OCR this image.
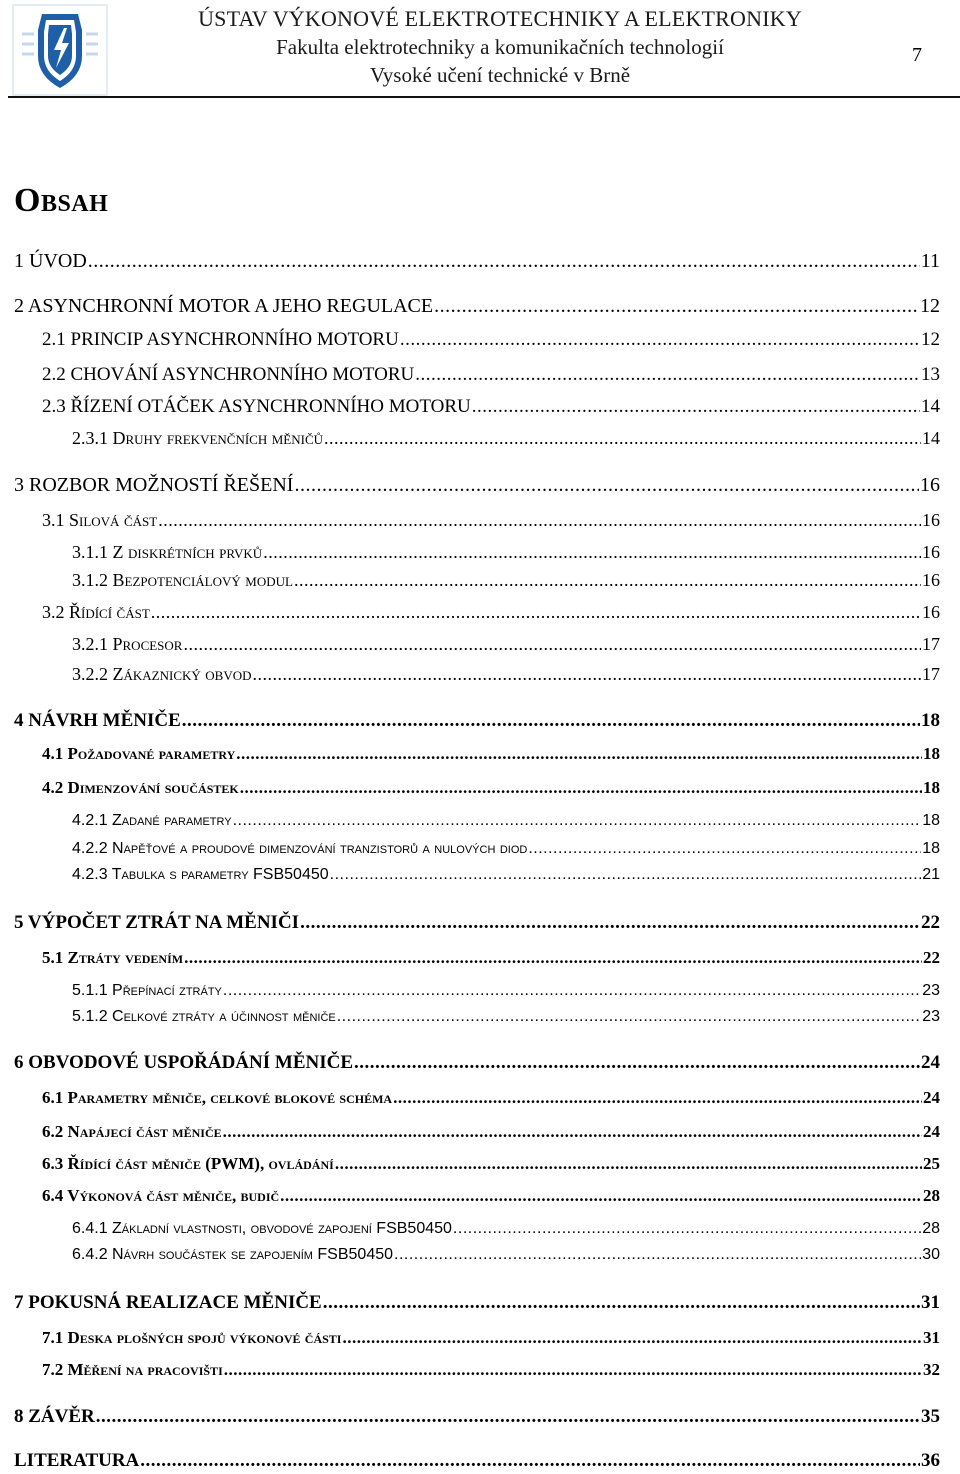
ÚSTAV VÝKONOVÉ ELEKTROTECHNIKY A ELEKTRONIKY
Fakulta elektrotechniky a komunikačních technologií
Vysoké učení technické v Brně
7
Obsah
1 ÚVOD .....	11
2 ASYNCHRONNÍ MOTOR A JEHO REGULACE .....	12
2.1 PRINCIP ASYNCHRONNÍHO MOTORU .....	12
2.2 CHOVÁNÍ ASYNCHRONNÍHO MOTORU .....	13
2.3 ŘÍZENÍ OTÁČEK ASYNCHRONNÍHO MOTORU .....	14
2.3.1 Druhy frekvenčních měničů .....	14
3 ROZBOR MOŽNOSTÍ ŘEŠENÍ .....	16
3.1 Silová část .....	16
3.1.1 Z diskrétních prvků .....	16
3.1.2 Bezpotenciálový modul .....	16
3.2 Řídící část .....	16
3.2.1 Procesor .....	17
3.2.2 Zákaznický obvod .....	17
4 NÁVRH MĚNIČE .....	18
4.1 Požadované parametry .....	18
4.2 Dimenzování součástek .....	18
4.2.1 Zadané parametry .....	18
4.2.2 Napěťové a proudové dimenzování tranzistorů a nulových diod .....	18
4.2.3 Tabulka s parametry FSB50450 .....	21
5 VÝPOČET ZTRÁT NA MĚNIČI .....	22
5.1 Ztráty vedením .....	22
5.1.1 Přepínací ztráty .....	23
5.1.2 Celkové ztráty a účinnost měniče .....	23
6 OBVODOVÉ USPOŘÁDÁNÍ MĚNIČE .....	24
6.1 Parametry měniče, celkové blokové schéma .....	24
6.2 Napájecí část měniče .....	24
6.3 Řídící část měniče (PWM), ovládání .....	25
6.4 Výkonová část měniče, budič .....	28
6.4.1 Základní vlastnosti, obvodové zapojení FSB50450 .....	28
6.4.2 Návrh součástek se zapojením FSB50450 .....	30
7 POKUSNÁ REALIZACE MĚNIČE .....	31
7.1 Deska plošných spojů výkonové části .....	31
7.2 Měření na pracovišti .....	32
8 ZÁVĚR .....	35
LITERATURA .....	36
